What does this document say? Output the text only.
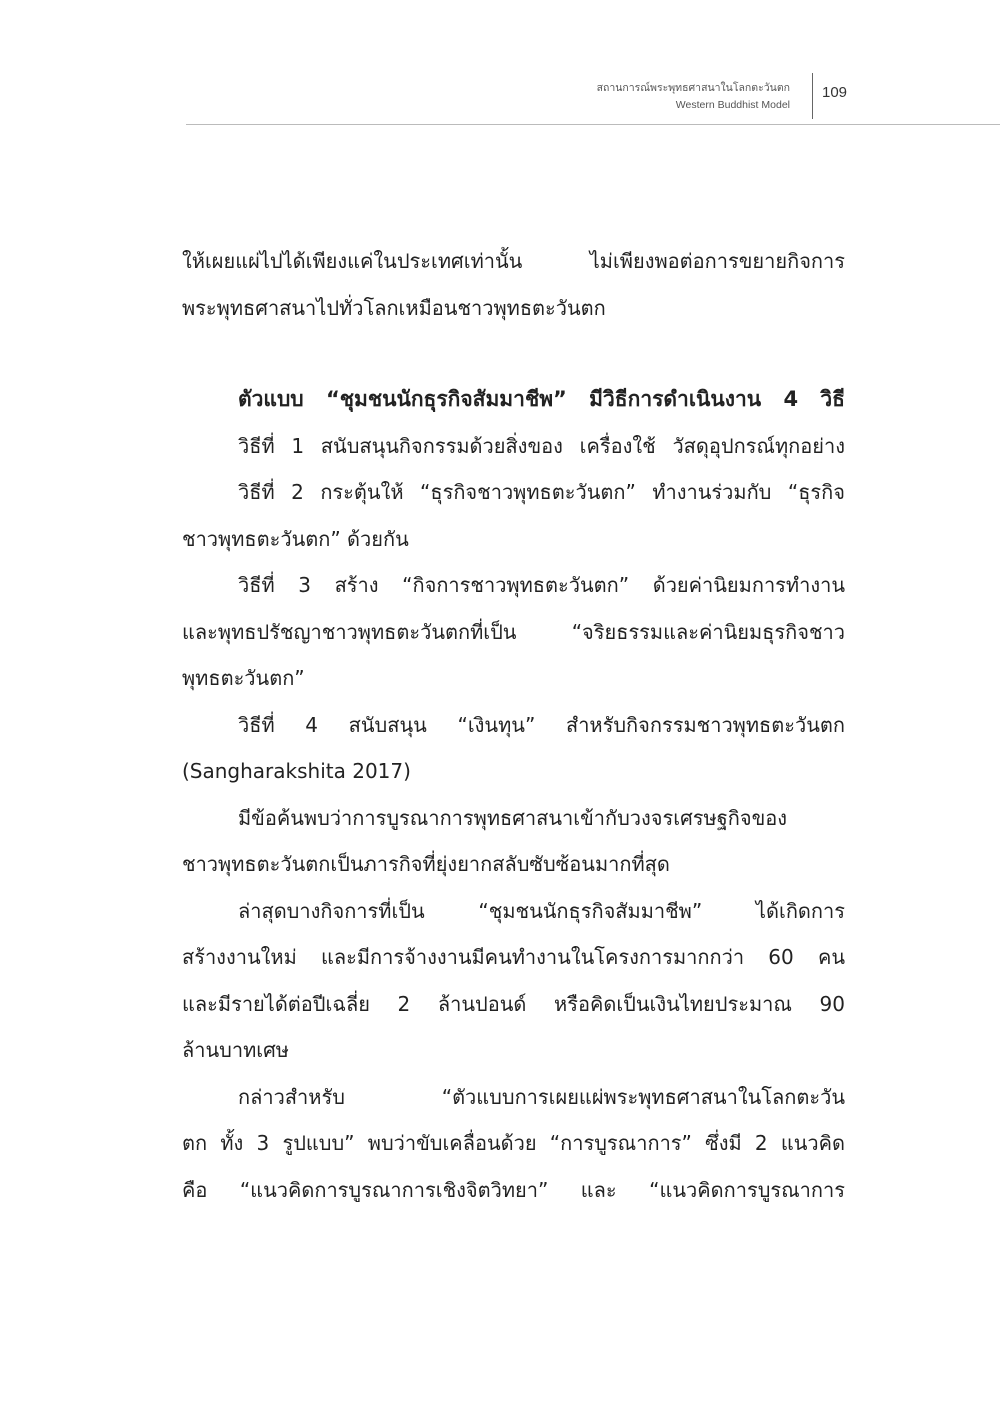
สถานการณ์พระพุทธศาสนาในโลกตะวันตก
Western Buddhist Model
109
ให้เผยแผ่ไปได้เพียงแค่ในประเทศเท่านั้น ไม่เพียงพอต่อการขยายกิจการ
พระพุทธศาสนาไปทั่วโลกเหมือนชาวพุทธตะวันตก
ตัวแบบ “ชุมชนนักธุรกิจสัมมาชีพ” มีวิธีการดำเนินงาน 4 วิธี
วิธีที่ 1 สนับสนุนกิจกรรมด้วยสิ่งของ เครื่องใช้ วัสดุอุปกรณ์ทุกอย่าง
วิธีที่ 2 กระตุ้นให้ “ธุรกิจชาวพุทธตะวันตก” ทำงานร่วมกับ “ธุรกิจ
ชาวพุทธตะวันตก” ด้วยกัน
วิธีที่ 3 สร้าง “กิจการชาวพุทธตะวันตก” ด้วยค่านิยมการทำงาน
และพุทธปรัชญาชาวพุทธตะวันตกที่เป็น “จริยธรรมและค่านิยมธุรกิจชาว
พุทธตะวันตก”
วิธีที่ 4 สนับสนุน “เงินทุน” สำหรับกิจกรรมชาวพุทธตะวันตก
(Sangharakshita 2017)
มีข้อค้นพบว่าการบูรณาการพุทธศาสนาเข้ากับวงจรเศรษฐกิจของ
ชาวพุทธตะวันตกเป็นภารกิจที่ยุ่งยากสลับซับซ้อนมากที่สุด
ล่าสุดบางกิจการที่เป็น “ชุมชนนักธุรกิจสัมมาชีพ” ได้เกิดการ
สร้างงานใหม่ และมีการจ้างงานมีคนทำงานในโครงการมากกว่า 60 คน
และมีรายได้ต่อปีเฉลี่ย 2 ล้านปอนด์ หรือคิดเป็นเงินไทยประมาณ 90
ล้านบาทเศษ
กล่าวสำหรับ “ตัวแบบการเผยแผ่พระพุทธศาสนาในโลกตะวัน
ตก ทั้ง 3 รูปแบบ” พบว่าขับเคลื่อนด้วย “การบูรณาการ” ซึ่งมี 2 แนวคิด
คือ “แนวคิดการบูรณาการเชิงจิตวิทยา” และ “แนวคิดการบูรณาการ
